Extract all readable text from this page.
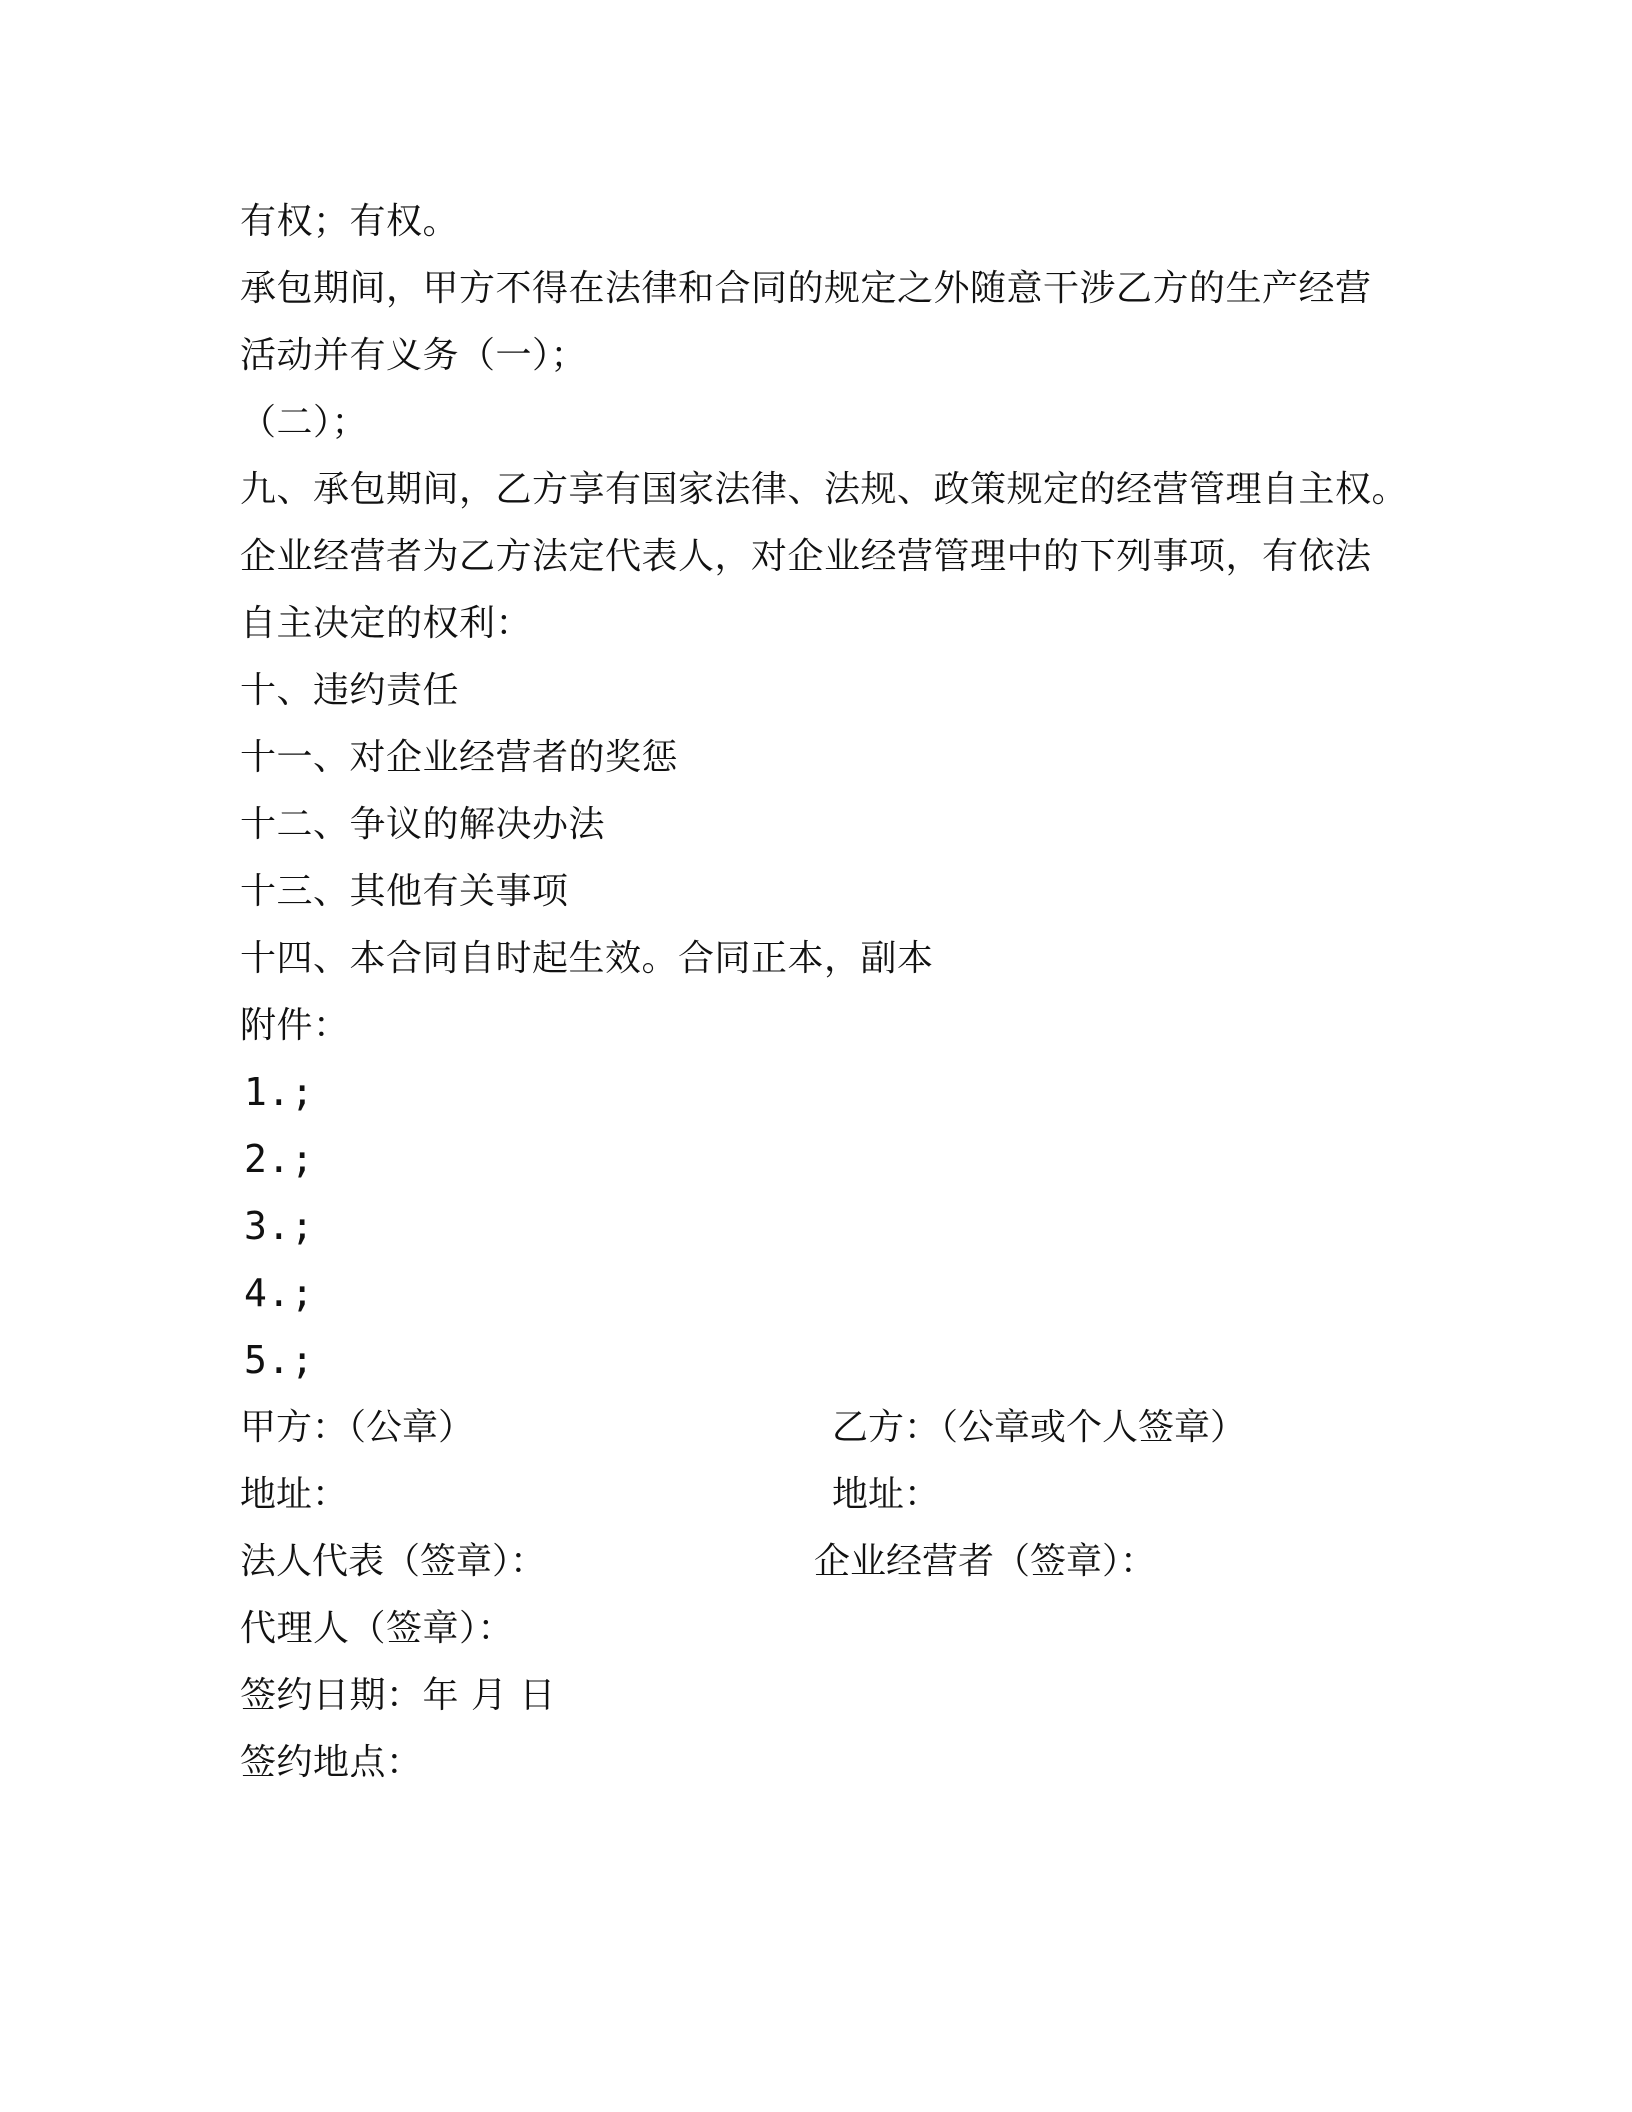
有权；有权。
承包期间，甲方不得在法律和合同的规定之外随意干涉乙方的生产经营
活动并有义务（一）；
（二）；
九、承包期间，乙方享有国家法律、法规、政策规定的经营管理自主权。
企业经营者为乙方法定代表人，对企业经营管理中的下列事项，有依法
自主决定的权利：
十、违约责任
十一、对企业经营者的奖惩
十二、争议的解决办法
十三、其他有关事项
十四、本合同自时起生效。合同正本，副本
附件：
1.;
2.;
3.;
4.;
5.;
甲方：（公章）	乙方：（公章或个人签章）
地址：	地址：
法人代表（签章）：	企业经营者（签章）：
代理人（签章）：
签约日期：年 月 日
签约地点：
